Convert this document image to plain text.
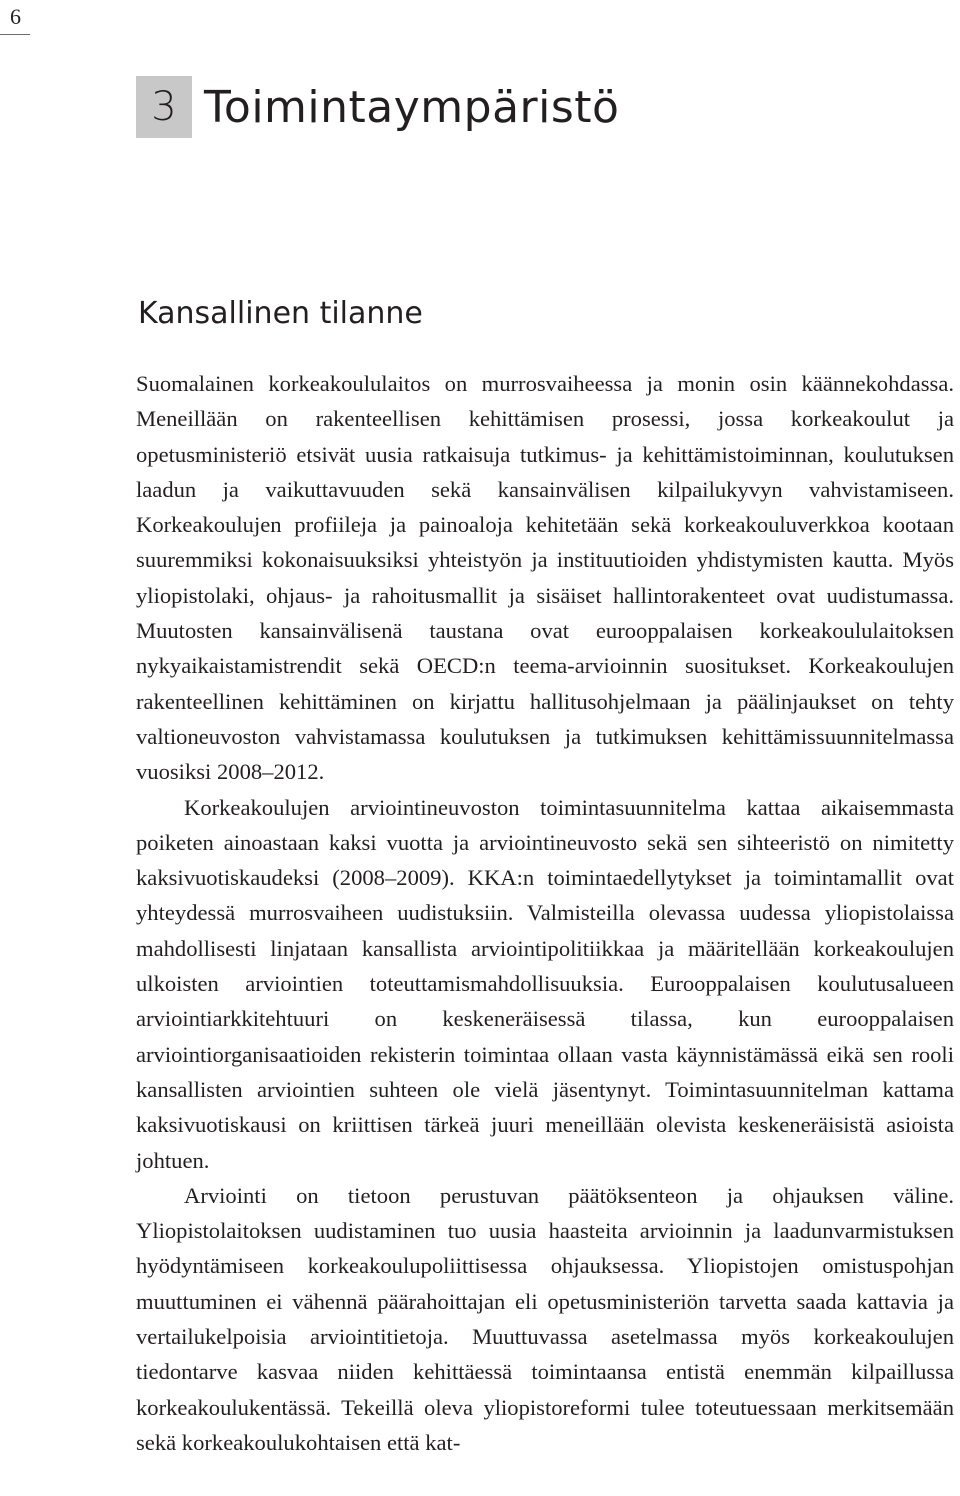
6
3 Toimintaympäristö
Kansallinen tilanne

Suomalainen korkeakoululaitos on murrosvaiheessa ja monin osin käännekohdassa. Meneillään on rakenteellisen kehittämisen prosessi, jossa korkeakoulut ja opetusministeriö etsivät uusia ratkaisuja tutkimus- ja kehittämistoiminnan, koulutuksen laadun ja vaikuttavuuden sekä kansainvälisen kilpailukyvyn vahvistamiseen. Korkeakoulujen profiileja ja painoaloja kehitetään sekä korkeakouluverkkoa kootaan suuremmiksi kokonaisuuksiksi yhteistyön ja instituutioiden yhdistymisten kautta. Myös yliopistolaki, ohjaus- ja rahoitusmallit ja sisäiset hallintorakenteet ovat uudistumassa. Muutosten kansainvälisenä taustana ovat eurooppalaisen korkeakoululaitoksen nykyaikaistamistrendit sekä OECD:n teema-arvioinnin suositukset. Korkeakoulujen rakenteellinen kehittäminen on kirjattu hallitusohjelmaan ja päälinjaukset on tehty valtioneuvoston vahvistamassa koulutuksen ja tutkimuksen kehittämissuunnitelmassa vuosiksi 2008–2012.

Korkeakoulujen arviointineuvoston toimintasuunnitelma kattaa aikaisemmasta poiketen ainoastaan kaksi vuotta ja arviointineuvosto sekä sen sihteeristö on nimitetty kaksivuotiskaudeksi (2008–2009). KKA:n toimintaedellytykset ja toimintamallit ovat yhteydessä murrosvaiheen uudistuksiin. Valmisteilla olevassa uudessa yliopistolaissa mahdollisesti linjataan kansallista arviointipolitiikkaa ja määritellään korkeakoulujen ulkoisten arviointien toteuttamismahdollisuuksia. Eurooppalaisen koulutusalueen arviointiarkkitehtuuri on keskeneräisessä tilassa, kun eurooppalaisen arviointiorganisaatioiden rekisterin toimintaa ollaan vasta käynnistämässä eikä sen rooli kansallisten arviointien suhteen ole vielä jäsentynyt. Toimintasuunnitelman kattama kaksivuotiskausi on kriittisen tärkeä juuri meneillään olevista keskeneräisistä asioista johtuen.

Arviointi on tietoon perustuvan päätöksenteon ja ohjauksen väline. Yliopistolaitoksen uudistaminen tuo uusia haasteita arvioinnin ja laadunvarmistuksen hyödyntämiseen korkeakoulupoliittisessa ohjauksessa. Yliopistojen omistuspohjan muuttuminen ei vähennä päärahoittajan eli opetusministeriön tarvetta saada kattavia ja vertailukelpoisia arviointitietoja. Muuttuvassa asetelmassa myös korkeakoulujen tiedontarve kasvaa niiden kehittäessä toimintaansa entistä enemmän kilpaillussa korkeakoulukentässä. Tekeillä oleva yliopistoreformi tulee toteutuessaan merkitsemään sekä korkeakoulukohtaisen että kat-
